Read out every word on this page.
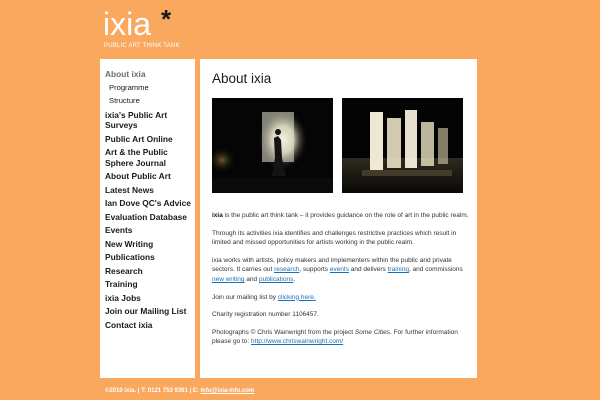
ixia *
PUBLIC ART THINK TANK
About ixia
Programme
Structure
ixia's Public Art Surveys
Public Art Online
Art & the Public Sphere Journal
About Public Art
Latest News
Ian Dove QC's Advice
Evaluation Database
Events
New Writing
Publications
Research
Training
ixia Jobs
Join our Mailing List
Contact ixia
About ixia

ixia is the public art think tank – it provides guidance on the role of art in the public realm.

Through its activities ixia identifies and challenges restrictive practices which result in limited and missed opportunities for artists working in the public realm.

ixia works with artists, policy makers and implementers within the public and private sectors. It carries out research, supports events and delivers training, and commissions new writing and publications.

Join our mailing list by clicking here.

Charity registration number 1106457.

Photographs © Chris Wainwright from the project Some Cities. For further information please go to: http://www.chriswainwright.com/

©2010 ixia. | T: 0121 753 9361 | E: info@ixia-info.com
